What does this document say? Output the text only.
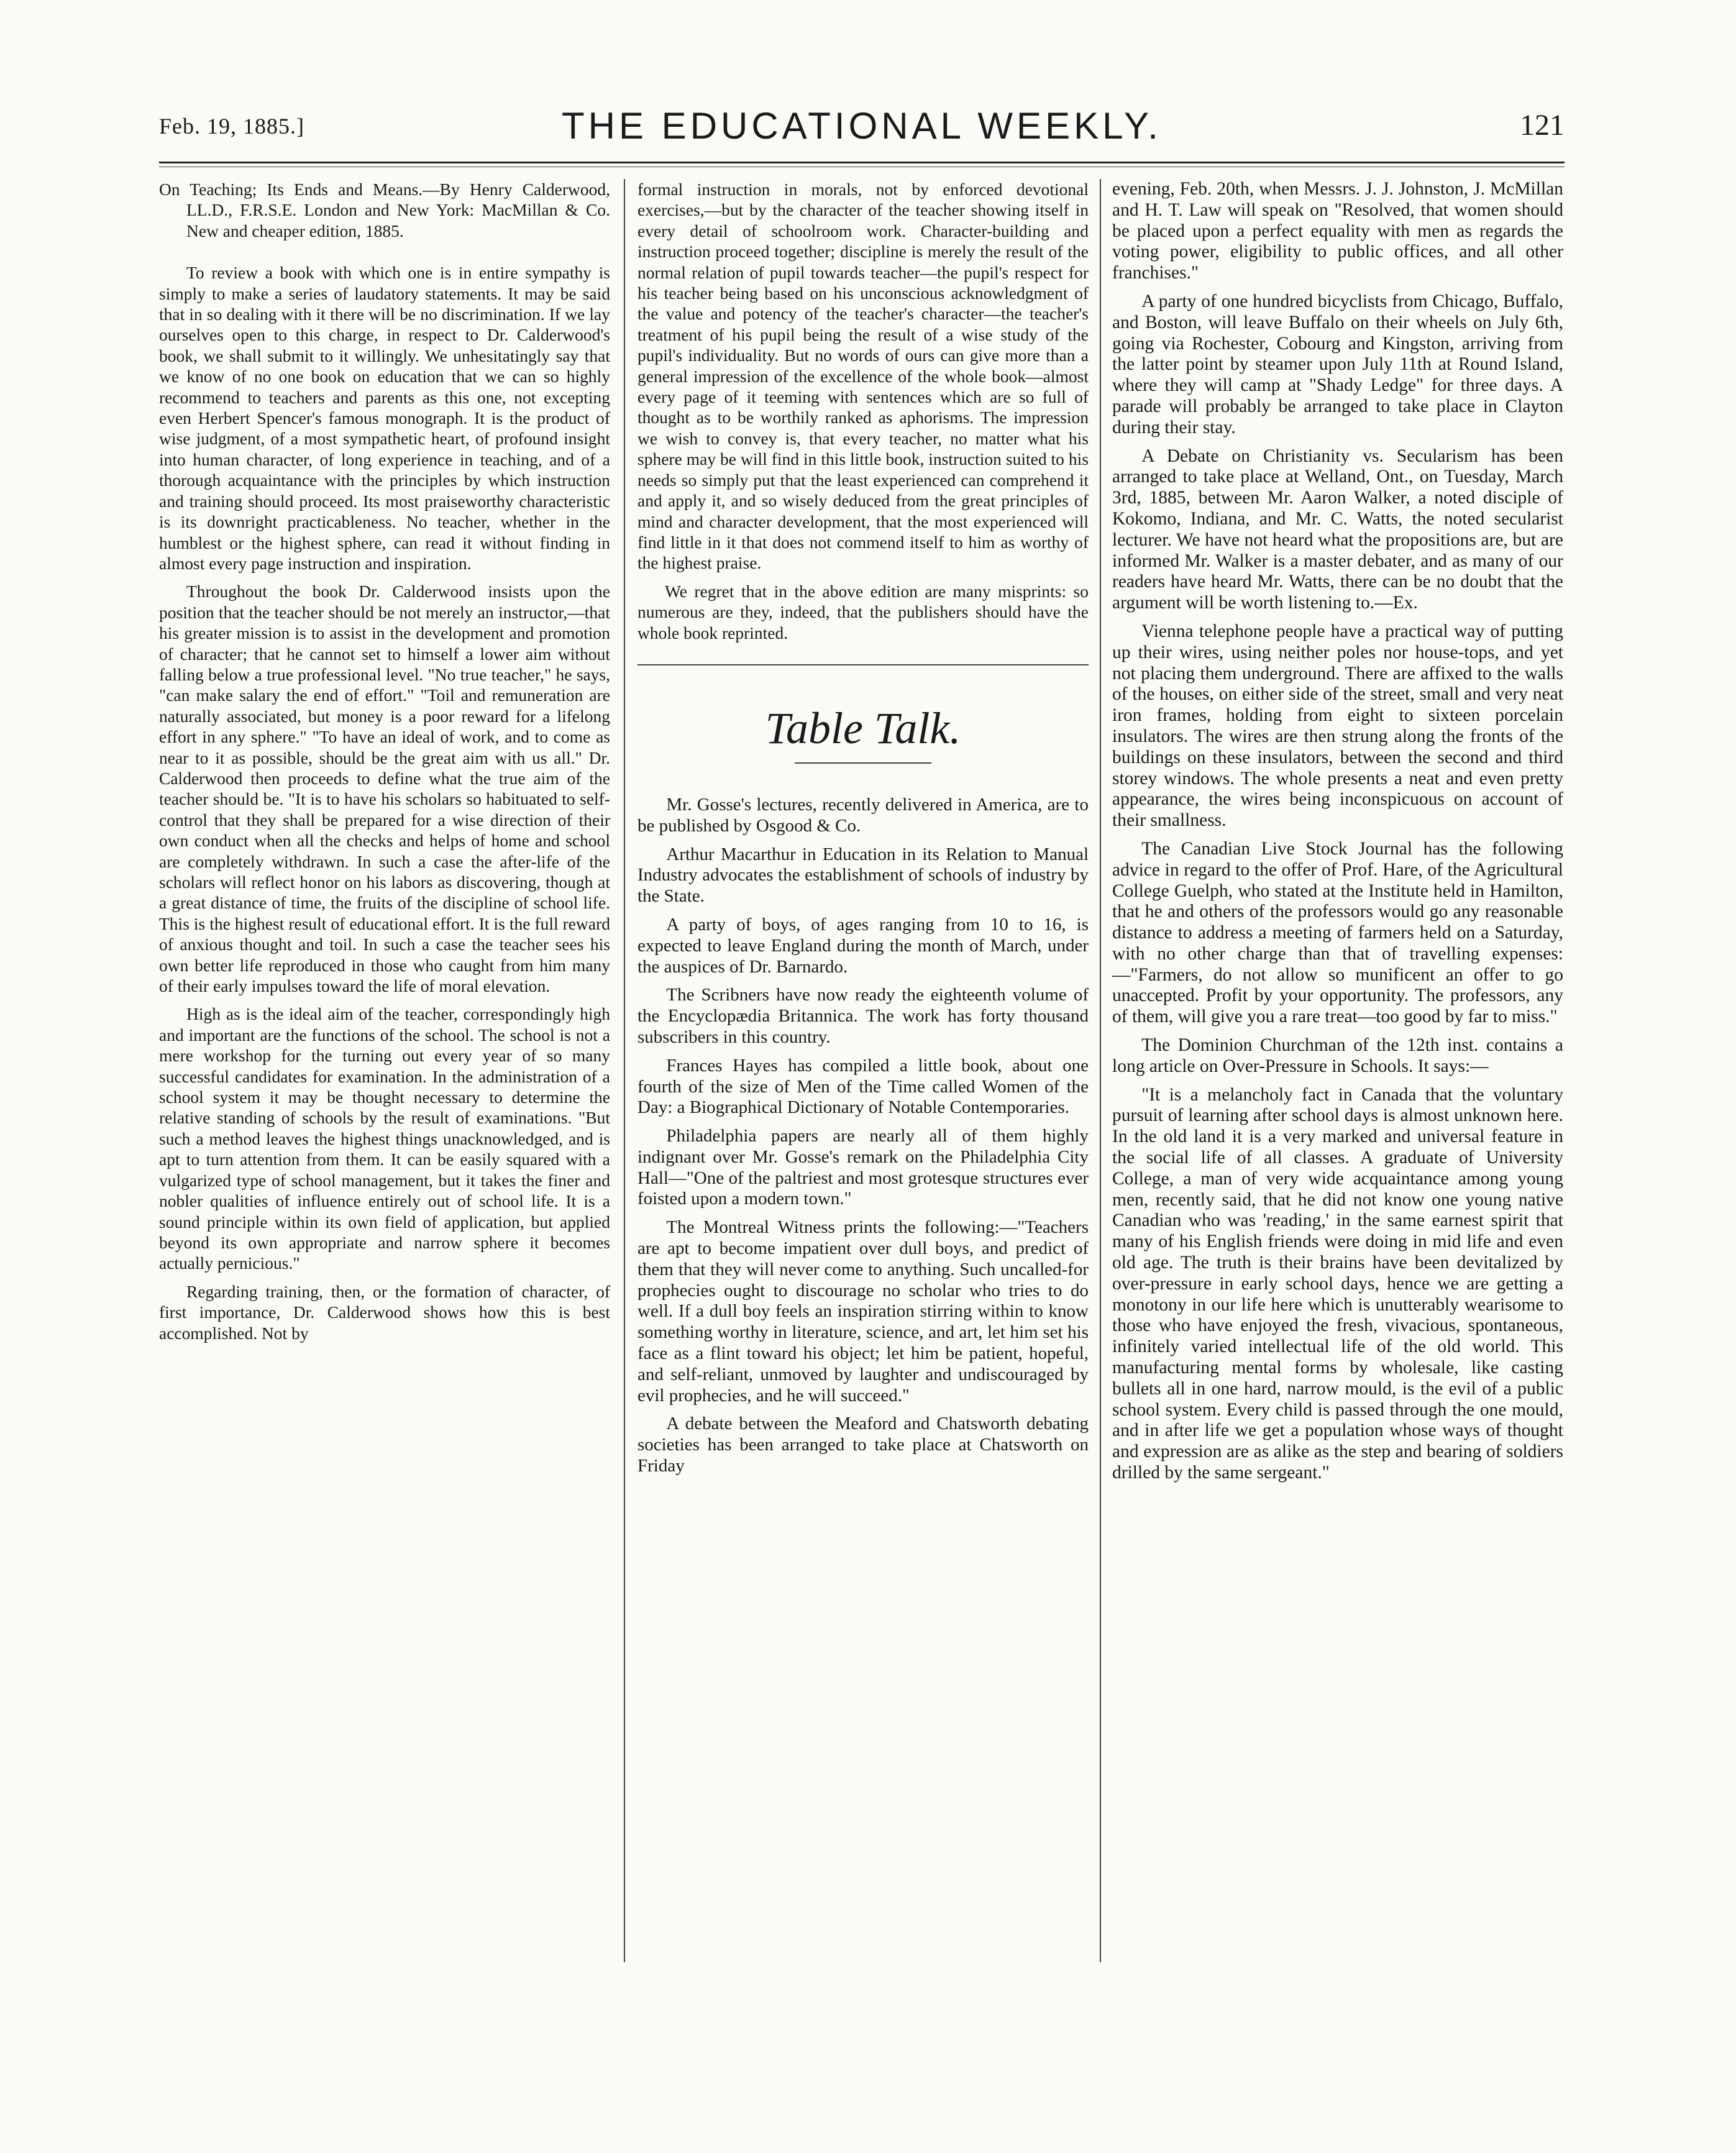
Feb. 19, 1885.]	THE EDUCATIONAL WEEKLY.	121

On Teaching; Its Ends and Means.—By Henry Calderwood, LL.D., F.R.S.E. London and New York: MacMillan & Co. New and cheaper edition, 1885.

To review a book with which one is in entire sympathy is simply to make a series of laudatory statements. It may be said that in so dealing with it there will be no discrimination. If we lay ourselves open to this charge, in respect to Dr. Calderwood's book, we shall submit to it willingly. We unhesitatingly say that we know of no one book on education that we can so highly recommend to teachers and parents as this one, not excepting even Herbert Spencer's famous monograph. It is the product of wise judgment, of a most sympathetic heart, of profound insight into human character, of long experience in teaching, and of a thorough acquaintance with the principles by which instruction and training should proceed. Its most praiseworthy characteristic is its downright practicableness. No teacher, whether in the humblest or the highest sphere, can read it without finding in almost every page instruction and inspiration.

Throughout the book Dr. Calderwood insists upon the position that the teacher should be not merely an instructor,—that his greater mission is to assist in the development and promotion of character; that he cannot set to himself a lower aim without falling below a true professional level. "No true teacher," he says, "can make salary the end of effort." "Toil and remuneration are naturally associated, but money is a poor reward for a lifelong effort in any sphere." "To have an ideal of work, and to come as near to it as possible, should be the great aim with us all." Dr. Calderwood then proceeds to define what the true aim of the teacher should be. "It is to have his scholars so habituated to self-control that they shall be prepared for a wise direction of their own conduct when all the checks and helps of home and school are completely withdrawn. In such a case the after-life of the scholars will reflect honor on his labors as discovering, though at a great distance of time, the fruits of the discipline of school life. This is the highest result of educational effort. It is the full reward of anxious thought and toil. In such a case the teacher sees his own better life reproduced in those who caught from him many of their early impulses toward the life of moral elevation.

High as is the ideal aim of the teacher, correspondingly high and important are the functions of the school. The school is not a mere workshop for the turning out every year of so many successful candidates for examination. In the administration of a school system it may be thought necessary to determine the relative standing of schools by the result of examinations. "But such a method leaves the highest things unacknowledged, and is apt to turn attention from them. It can be easily squared with a vulgarized type of school management, but it takes the finer and nobler qualities of influence entirely out of school life. It is a sound principle within its own field of application, but applied beyond its own appropriate and narrow sphere it becomes actually pernicious."

Regarding training, then, or the formation of character, of first importance, Dr. Calderwood shows how this is best accomplished. Not by

formal instruction in morals, not by enforced devotional exercises,—but by the character of the teacher showing itself in every detail of schoolroom work. Character-building and instruction proceed together; discipline is merely the result of the normal relation of pupil towards teacher—the pupil's respect for his teacher being based on his unconscious acknowledgment of the value and potency of the teacher's character—the teacher's treatment of his pupil being the result of a wise study of the pupil's individuality. But no words of ours can give more than a general impression of the excellence of the whole book—almost every page of it teeming with sentences which are so full of thought as to be worthily ranked as aphorisms. The impression we wish to convey is, that every teacher, no matter what his sphere may be will find in this little book, instruction suited to his needs so simply put that the least experienced can comprehend it and apply it, and so wisely deduced from the great principles of mind and character development, that the most experienced will find little in it that does not commend itself to him as worthy of the highest praise.

We regret that in the above edition are many misprints: so numerous are they, indeed, that the publishers should have the whole book reprinted.

Table Talk.

Mr. Gosse's lectures, recently delivered in America, are to be published by Osgood & Co.

Arthur Macarthur in Education in its Relation to Manual Industry advocates the establishment of schools of industry by the State.

A party of boys, of ages ranging from 10 to 16, is expected to leave England during the month of March, under the auspices of Dr. Barnardo.

The Scribners have now ready the eighteenth volume of the Encyclopædia Britannica. The work has forty thousand subscribers in this country.

Frances Hayes has compiled a little book, about one fourth of the size of Men of the Time called Women of the Day: a Biographical Dictionary of Notable Contemporaries.

Philadelphia papers are nearly all of them highly indignant over Mr. Gosse's remark on the Philadelphia City Hall—"One of the paltriest and most grotesque structures ever foisted upon a modern town."

The Montreal Witness prints the following:—"Teachers are apt to become impatient over dull boys, and predict of them that they will never come to anything. Such uncalled-for prophecies ought to discourage no scholar who tries to do well. If a dull boy feels an inspiration stirring within to know something worthy in literature, science, and art, let him set his face as a flint toward his object; let him be patient, hopeful, and self-reliant, unmoved by laughter and undiscouraged by evil prophecies, and he will succeed."

A debate between the Meaford and Chatsworth debating societies has been arranged to take place at Chatsworth on Friday

evening, Feb. 20th, when Messrs. J. J. Johnston, J. McMillan and H. T. Law will speak on "Resolved, that women should be placed upon a perfect equality with men as regards the voting power, eligibility to public offices, and all other franchises."

A party of one hundred bicyclists from Chicago, Buffalo, and Boston, will leave Buffalo on their wheels on July 6th, going via Rochester, Cobourg and Kingston, arriving from the latter point by steamer upon July 11th at Round Island, where they will camp at "Shady Ledge" for three days. A parade will probably be arranged to take place in Clayton during their stay.

A Debate on Christianity vs. Secularism has been arranged to take place at Welland, Ont., on Tuesday, March 3rd, 1885, between Mr. Aaron Walker, a noted disciple of Kokomo, Indiana, and Mr. C. Watts, the noted secularist lecturer. We have not heard what the propositions are, but are informed Mr. Walker is a master debater, and as many of our readers have heard Mr. Watts, there can be no doubt that the argument will be worth listening to.—Ex.

Vienna telephone people have a practical way of putting up their wires, using neither poles nor house-tops, and yet not placing them underground. There are affixed to the walls of the houses, on either side of the street, small and very neat iron frames, holding from eight to sixteen porcelain insulators. The wires are then strung along the fronts of the buildings on these insulators, between the second and third storey windows. The whole presents a neat and even pretty appearance, the wires being inconspicuous on account of their smallness.

The Canadian Live Stock Journal has the following advice in regard to the offer of Prof. Hare, of the Agricultural College Guelph, who stated at the Institute held in Hamilton, that he and others of the professors would go any reasonable distance to address a meeting of farmers held on a Saturday, with no other charge than that of travelling expenses:—"Farmers, do not allow so munificent an offer to go unaccepted. Profit by your opportunity. The professors, any of them, will give you a rare treat—too good by far to miss."

The Dominion Churchman of the 12th inst. contains a long article on Over-Pressure in Schools. It says:—

"It is a melancholy fact in Canada that the voluntary pursuit of learning after school days is almost unknown here. In the old land it is a very marked and universal feature in the social life of all classes. A graduate of University College, a man of very wide acquaintance among young men, recently said, that he did not know one young native Canadian who was 'reading,' in the same earnest spirit that many of his English friends were doing in mid life and even old age. The truth is their brains have been devitalized by over-pressure in early school days, hence we are getting a monotony in our life here which is unutterably wearisome to those who have enjoyed the fresh, vivacious, spontaneous, infinitely varied intellectual life of the old world. This manufacturing mental forms by wholesale, like casting bullets all in one hard, narrow mould, is the evil of a public school system. Every child is passed through the one mould, and in after life we get a population whose ways of thought and expression are as alike as the step and bearing of soldiers drilled by the same sergeant."
